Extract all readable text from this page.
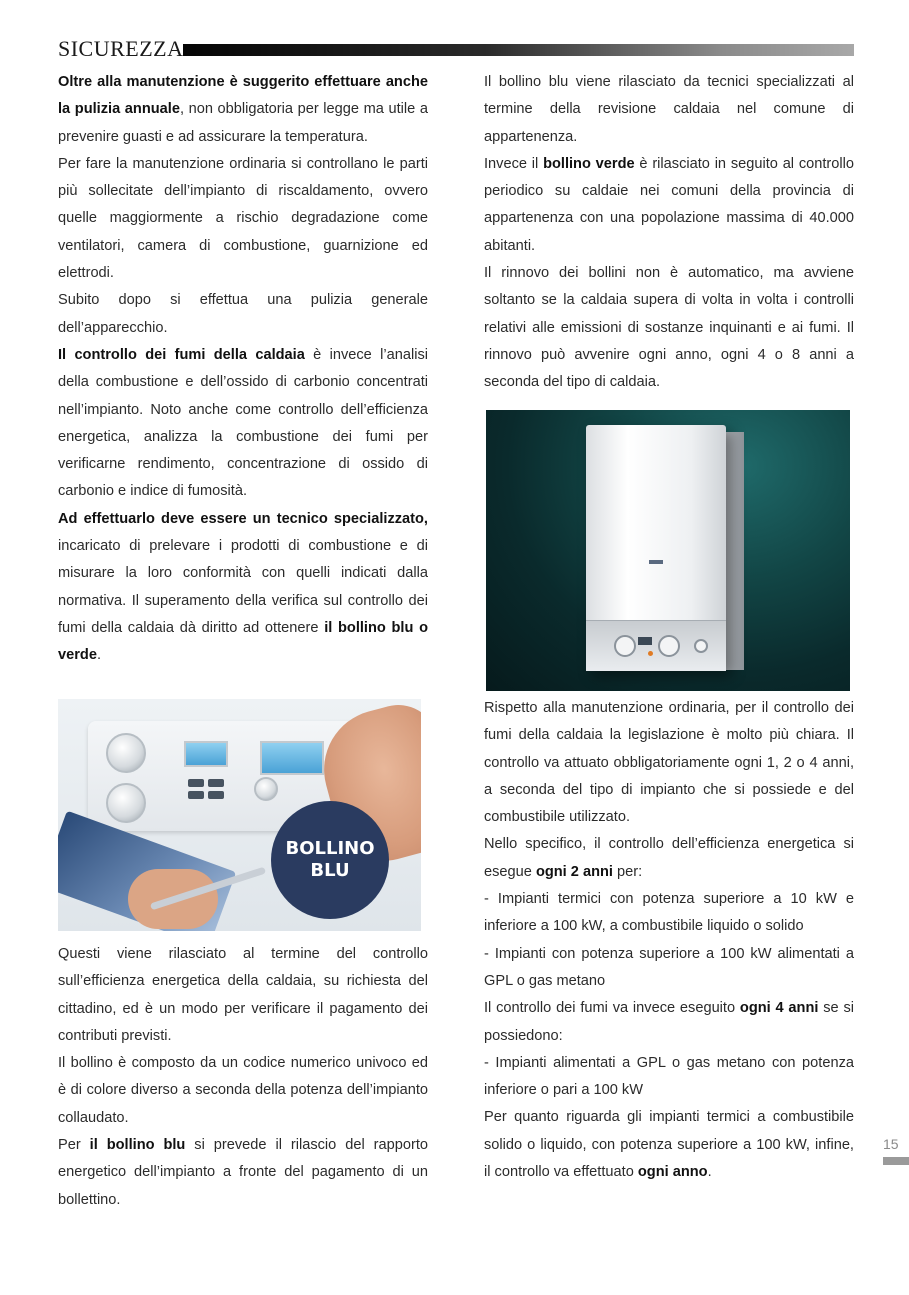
SICUREZZA

Oltre alla manutenzione è suggerito effettuare anche la pulizia annuale, non obbligatoria per legge ma utile a prevenire guasti e ad assicurare la temperatura.

Per fare la manutenzione ordinaria si controllano le parti più sollecitate dell’impianto di riscaldamento, ovvero quelle maggiormente a rischio degradazione come ventilatori, camera di combustione, guarnizione ed elettrodi.

Subito dopo si effettua una pulizia generale dell’apparecchio.

Il controllo dei fumi della caldaia è invece l’analisi della combustione e dell’ossido di carbonio concentrati nell’impianto. Noto anche come controllo dell’efficienza energetica, analizza la combustione dei fumi per verificarne rendimento, concentrazione di ossido di carbonio e indice di fumosità.

Ad effettuarlo deve essere un tecnico specializzato, incaricato di prelevare i prodotti di combustione e di misurare la loro conformità con quelli indicati dalla normativa. Il superamento della verifica sul controllo dei fumi della caldaia dà diritto ad ottenere il bollino blu o verde.

BOLLINO
BLU

Questi viene rilasciato al termine del controllo sull’efficienza energetica della caldaia, su richiesta del cittadino, ed è un modo per verificare il pagamento dei contributi previsti.

Il bollino è composto da un codice numerico univoco ed è di colore diverso a seconda della potenza dell’impianto collaudato.

Per il bollino blu si prevede il rilascio del rapporto energetico dell’impianto a fronte del pagamento di un bollettino.

Il bollino blu viene rilasciato da tecnici specializzati al termine della revisione caldaia nel comune di appartenenza.

Invece il bollino verde è rilasciato in seguito al controllo periodico su caldaie nei comuni della provincia di appartenenza con una popolazione massima di 40.000 abitanti.

Il rinnovo dei bollini non è automatico, ma avviene soltanto se la caldaia supera di volta in volta i controlli relativi alle emissioni di sostanze inquinanti e ai fumi. Il rinnovo può avvenire ogni anno, ogni 4 o 8 anni a seconda del tipo di caldaia.

Rispetto alla manutenzione ordinaria, per il controllo dei fumi della caldaia la legislazione è molto più chiara. Il controllo va attuato obbligatoriamente ogni 1, 2 o 4 anni, a seconda del tipo di impianto che si possiede e del combustibile utilizzato.

Nello specifico, il controllo dell’efficienza energetica si esegue ogni 2 anni per:

- Impianti termici con potenza superiore a 10 kW e inferiore a 100 kW, a combustibile liquido o solido

- Impianti con potenza superiore a 100 kW alimentati a GPL o gas metano

Il controllo dei fumi va invece eseguito ogni 4 anni se si possiedono:

- Impianti alimentati a GPL o gas metano con potenza inferiore o pari a 100 kW

Per quanto riguarda gli impianti termici a combustibile solido o liquido, con potenza superiore a 100 kW, infine, il controllo va effettuato ogni anno.

15
